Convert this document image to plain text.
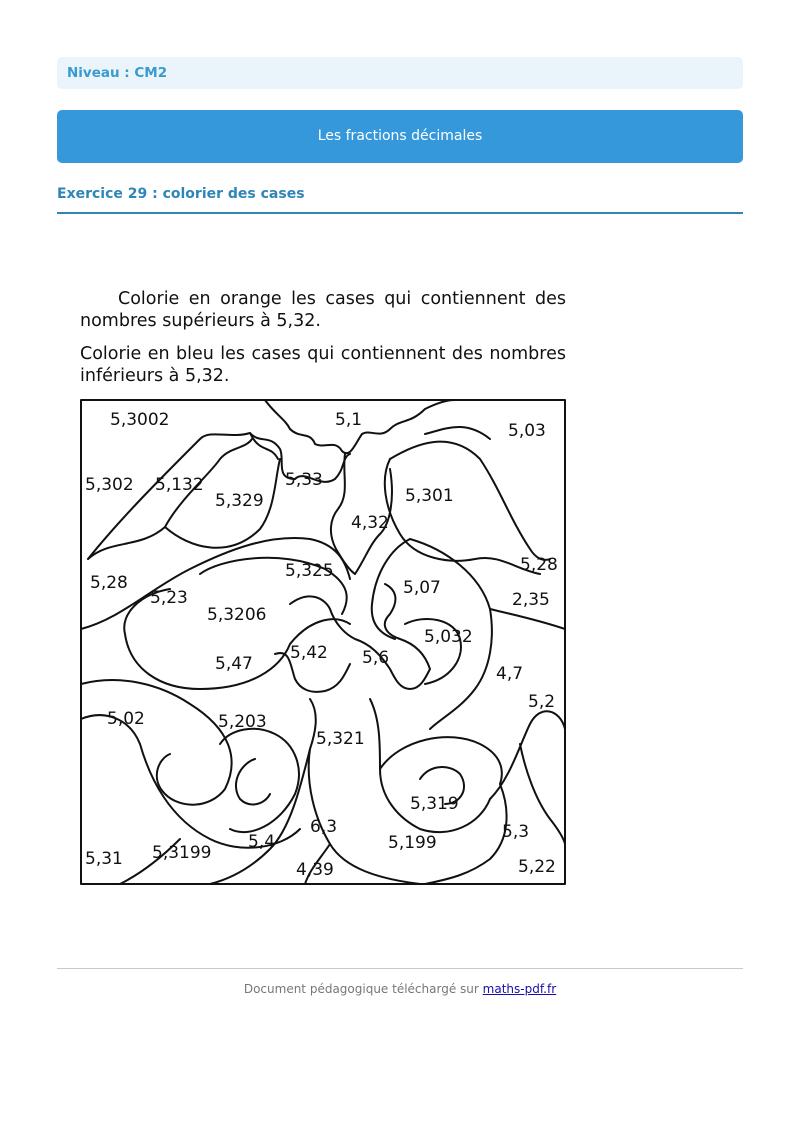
Niveau : CM2
Les fractions décimales
Exercice 29 : colorier des cases

Colorie en orange les cases qui contiennent des nombres supérieurs à 5,32.

Colorie en bleu les cases qui contiennent des nombres inférieurs à 5,32.

5,3002	5,1
5,03
5,302 5,132
5,329
5,33
5,301
4,32
5,28
5,23
5,325
5,07
5,28
2,35
5,3206
5,032
5,47
5,42 5,6
4,7
5,2
5,02	5,203
5,321
5,319
5,3
6,3
5,4	5,199
5,31 5,3199
4,39	5,22
Document pédagogique téléchargé sur maths-pdf.fr
